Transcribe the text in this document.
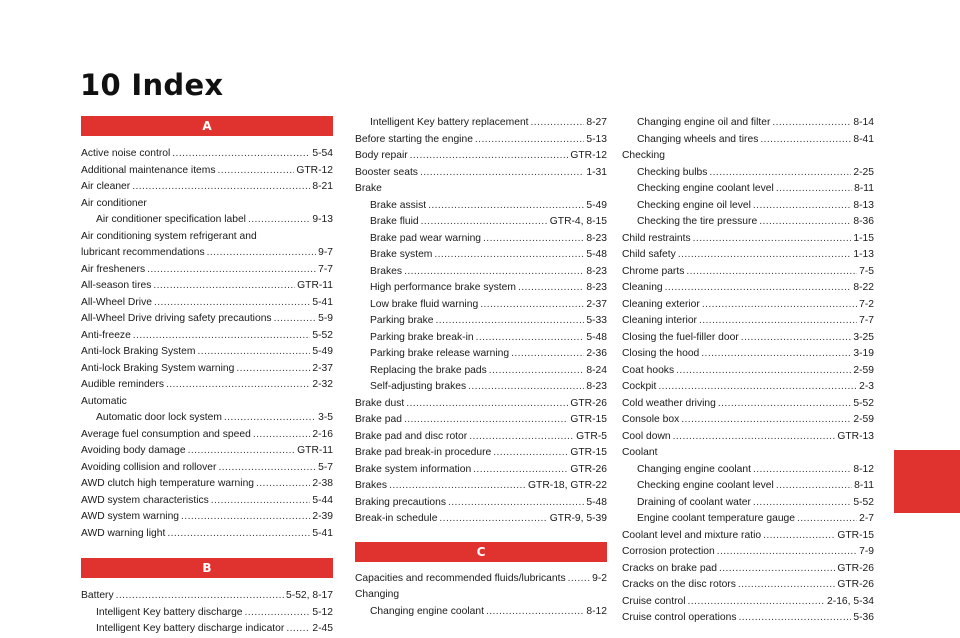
10 Index
A
Active noise control .....	5-54
Additional maintenance items .....	GTR-12
Air cleaner .....	8-21
Air conditioner
Air conditioner specification label .....	9-13
Air conditioning system refrigerant and
lubricant recommendations .....	9-7
Air fresheners .....	7-7
All-season tires .....	GTR-11
All-Wheel Drive .....	5-41
All-Wheel Drive driving safety precautions .....	5-9
Anti-freeze .....	5-52
Anti-lock Braking System .....	5-49
Anti-lock Braking System warning .....	2-37
Audible reminders .....	2-32
Automatic
Automatic door lock system .....	3-5
Average fuel consumption and speed .....	2-16
Avoiding body damage .....	GTR-11
Avoiding collision and rollover .....	5-7
AWD clutch high temperature warning .....	2-38
AWD system characteristics .....	5-44
AWD system warning .....	2-39
AWD warning light .....	5-41
B
Battery .....	5-52, 8-17
Intelligent Key battery discharge .....	5-12
Intelligent Key battery discharge indicator .....	2-45
Intelligent Key battery replacement .....	8-27
Before starting the engine .....	5-13
Body repair .....	GTR-12
Booster seats .....	1-31
Brake
Brake assist .....	5-49
Brake fluid .....	GTR-4, 8-15
Brake pad wear warning .....	8-23
Brake system .....	5-48
Brakes .....	8-23
High performance brake system .....	8-23
Low brake fluid warning .....	2-37
Parking brake .....	5-33
Parking brake break-in .....	5-48
Parking brake release warning .....	2-36
Replacing the brake pads .....	8-24
Self-adjusting brakes .....	8-23
Brake dust .....	GTR-26
Brake pad .....	GTR-15
Brake pad and disc rotor .....	GTR-5
Brake pad break-in procedure .....	GTR-15
Brake system information .....	GTR-26
Brakes .....	GTR-18, GTR-22
Braking precautions .....	5-48
Break-in schedule .....	GTR-9, 5-39
C
Capacities and recommended fluids/lubricants .....	9-2
Changing
Changing engine coolant .....	8-12
Changing engine oil and filter .....	8-14
Changing wheels and tires .....	8-41
Checking
Checking bulbs .....	2-25
Checking engine coolant level .....	8-11
Checking engine oil level .....	8-13
Checking the tire pressure .....	8-36
Child restraints .....	1-15
Child safety .....	1-13
Chrome parts .....	7-5
Cleaning .....	8-22
Cleaning exterior .....	7-2
Cleaning interior .....	7-7
Closing the fuel-filler door .....	3-25
Closing the hood .....	3-19
Coat hooks .....	2-59
Cockpit .....	2-3
Cold weather driving .....	5-52
Console box .....	2-59
Cool down .....	GTR-13
Coolant
Changing engine coolant .....	8-12
Checking engine coolant level .....	8-11
Draining of coolant water .....	5-52
Engine coolant temperature gauge .....	2-7
Coolant level and mixture ratio .....	GTR-15
Corrosion protection .....	7-9
Cracks on brake pad .....	GTR-26
Cracks on the disc rotors .....	GTR-26
Cruise control .....	2-16, 5-34
Cruise control operations .....	5-36
